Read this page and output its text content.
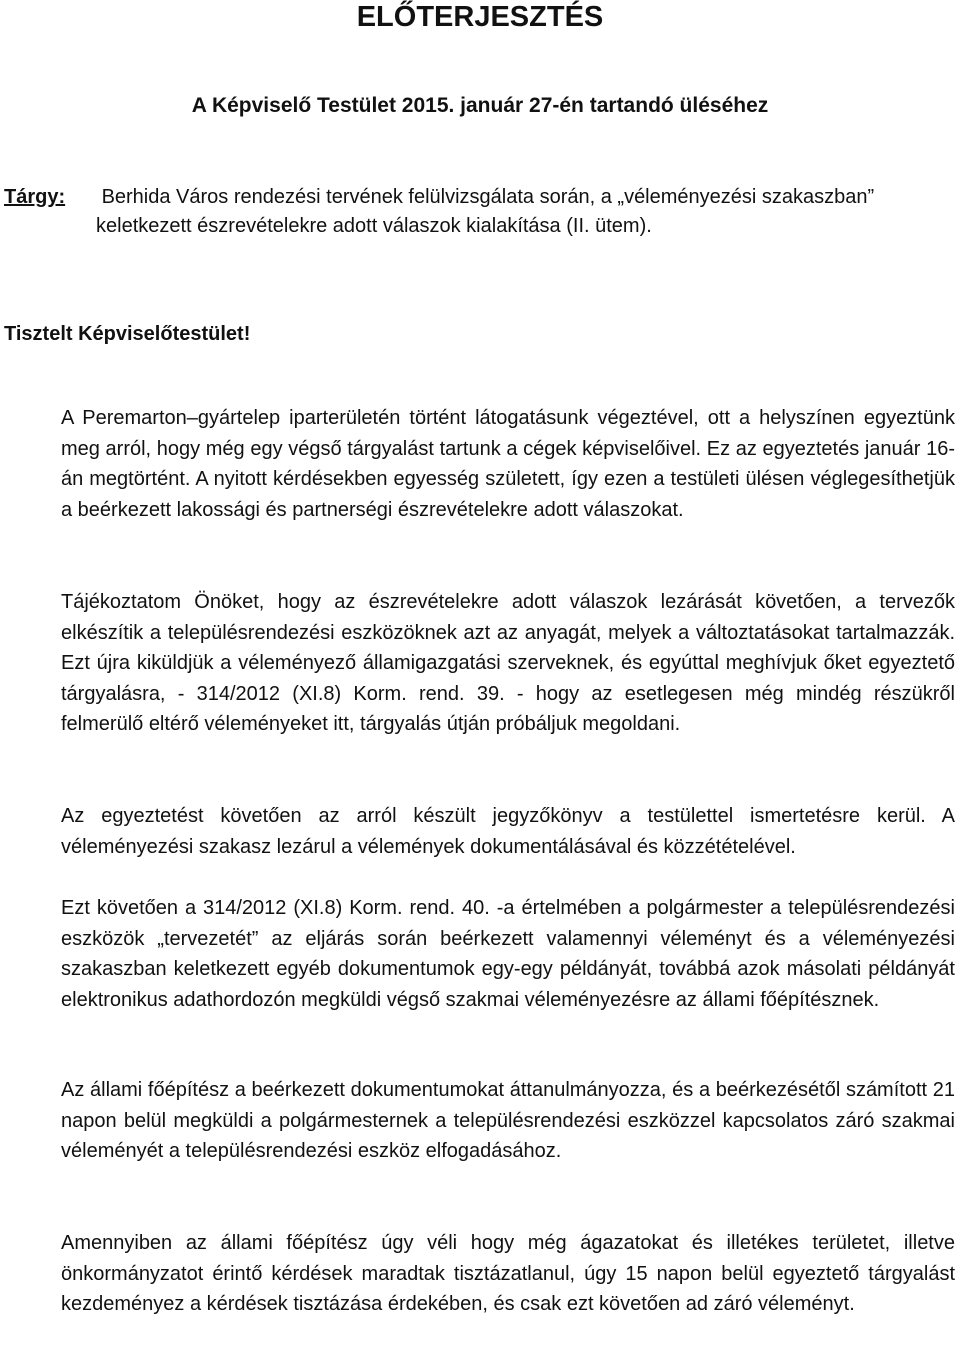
ELŐTERJESZTÉS
A Képviselő Testület 2015. január 27-én tartandó üléséhez
Tárgy: Berhida Város rendezési tervének felülvizsgálata során, a „véleményezési szakaszban” keletkezett észrevételekre adott válaszok kialakítása (II. ütem).
Tisztelt Képviselőtestület!

A Peremarton–gyártelep iparterületén történt látogatásunk végeztével, ott a helyszínen egyeztünk meg arról, hogy még egy végső tárgyalást tartunk a cégek képviselőivel. Ez az egyeztetés január 16-án megtörtént. A nyitott kérdésekben egyesség született, így ezen a testületi ülésen véglegesíthetjük a beérkezett lakossági és partnerségi észrevételekre adott válaszokat.

Tájékoztatom Önöket, hogy az észrevételekre adott válaszok lezárását követően, a tervezők elkészítik a településrendezési eszközöknek azt az anyagát, melyek a változtatásokat tartalmazzák. Ezt újra kiküldjük a véleményező államigazgatási szerveknek, és egyúttal meghívjuk őket egyeztető tárgyalásra, - 314/2012 (XI.8) Korm. rend. 39. - hogy az esetlegesen még mindég részükről felmerülő eltérő véleményeket itt, tárgyalás útján próbáljuk megoldani.

Az egyeztetést követően az arról készült jegyzőkönyv a testülettel ismertetésre kerül. A véleményezési szakasz lezárul a vélemények dokumentálásával és közzétételével.

Ezt követően a 314/2012 (XI.8) Korm. rend. 40. -a értelmében a polgármester a településrendezési eszközök „tervezetét” az eljárás során beérkezett valamennyi véleményt és a véleményezési szakaszban keletkezett egyéb dokumentumok egy-egy példányát, továbbá azok másolati példányát elektronikus adathordozón megküldi végső szakmai véleményezésre az állami főépítésznek.

Az állami főépítész a beérkezett dokumentumokat áttanulmányozza, és a beérkezésétől számított 21 napon belül megküldi a polgármesternek a településrendezési eszközzel kapcsolatos záró szakmai véleményét a településrendezési eszköz elfogadásához.

Amennyiben az állami főépítész úgy véli hogy még ágazatokat és illetékes területet, illetve önkormányzatot érintő kérdések maradtak tisztázatlanul, úgy 15 napon belül egyeztető tárgyalást kezdeményez a kérdések tisztázása érdekében, és csak ezt követően ad záró véleményt.
